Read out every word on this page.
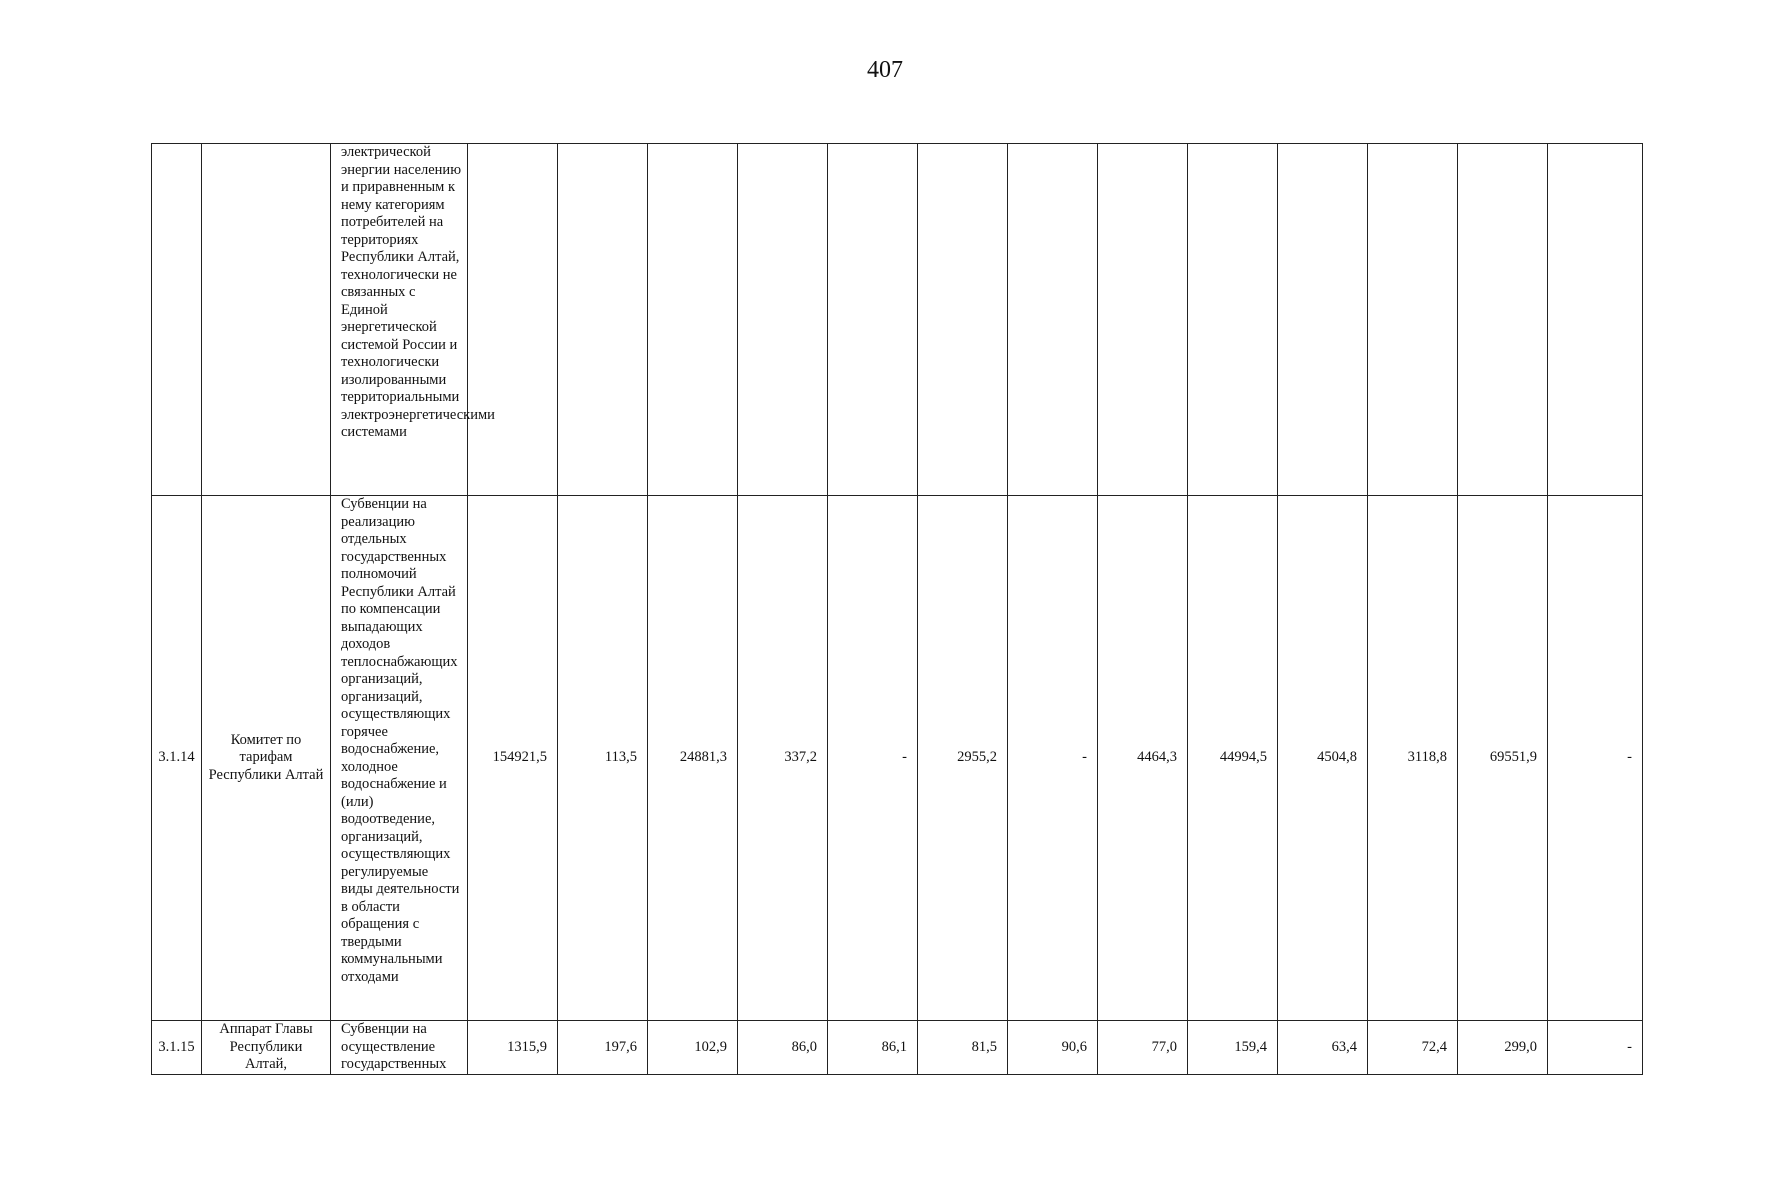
407
		электрической энергии населению и приравненным к нему категориям потребителей на территориях Республики Алтай, технологически не связанных с Единой энергетической системой России и технологически изолированными территориальными электроэнергетическими системами													
3.1.14	Комитет по тарифам Республики Алтай	Субвенции на реализацию отдельных государственных полномочий Республики Алтай по компенсации выпадающих доходов теплоснабжающих организаций, организаций, осуществляющих горячее водоснабжение, холодное водоснабжение и (или) водоотведение, организаций, осуществляющих регулируемые виды деятельности в области обращения с твердыми коммунальными отходами	154921,5	113,5	24881,3	337,2	-	2955,2	-	4464,3	44994,5	4504,8	3118,8	69551,9	-
3.1.15	Аппарат Главы Республики Алтай,	Субвенции на осуществление государственных	1315,9	197,6	102,9	86,0	86,1	81,5	90,6	77,0	159,4	63,4	72,4	299,0	-
